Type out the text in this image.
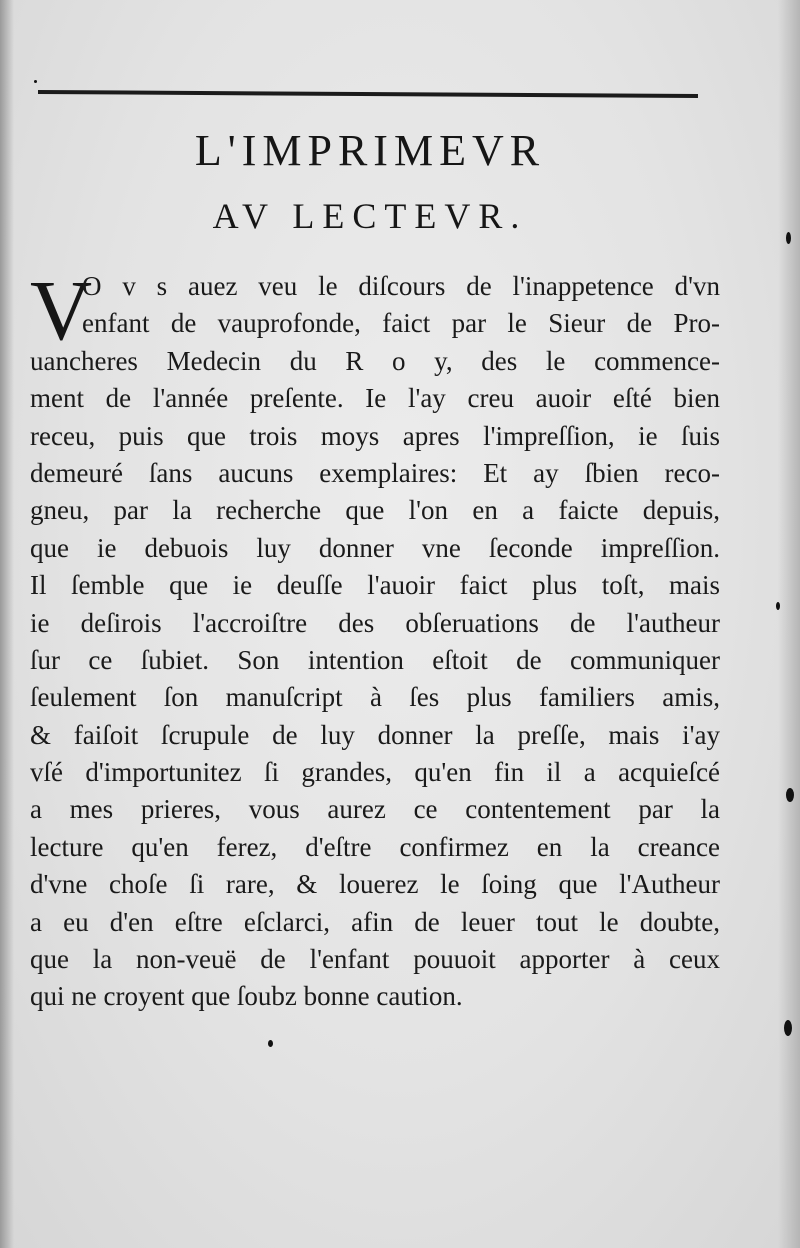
L'IMPRIMEVR
AV LECTEVR.
V
O v s auez veu le diſcours de l'inappetence d'vn
enfant de vauprofonde, faict par le Sieur de Pro-
uancheres Medecin du R o y, des le commence-
ment de l'année preſente. Ie l'ay creu auoir eſté bien
receu, puis que trois moys apres l'impreſſion, ie ſuis
demeuré ſans aucuns exemplaires: Et ay ſbien reco-
gneu, par la recherche que l'on en a faicte depuis,
que ie debuois luy donner vne ſeconde impreſſion.
Il ſemble que ie deuſſe l'auoir faict plus toſt, mais
ie deſirois l'accroiſtre des obſeruations de l'autheur
ſur ce ſubiet. Son intention eſtoit de communiquer
ſeulement ſon manuſcript à ſes plus familiers amis,
& faiſoit ſcrupule de luy donner la preſſe, mais i'ay
vſé d'importunitez ſi grandes, qu'en fin il a acquieſcé
a mes prieres, vous aurez ce contentement par la
lecture qu'en ferez, d'eſtre confirmez en la creance
d'vne choſe ſi rare, & louerez le ſoing que l'Autheur
a eu d'en eſtre eſclarci, afin de leuer tout le doubte,
que la non-veuë de l'enfant pouuoit apporter à ceux
qui ne croyent que ſoubz bonne caution.
